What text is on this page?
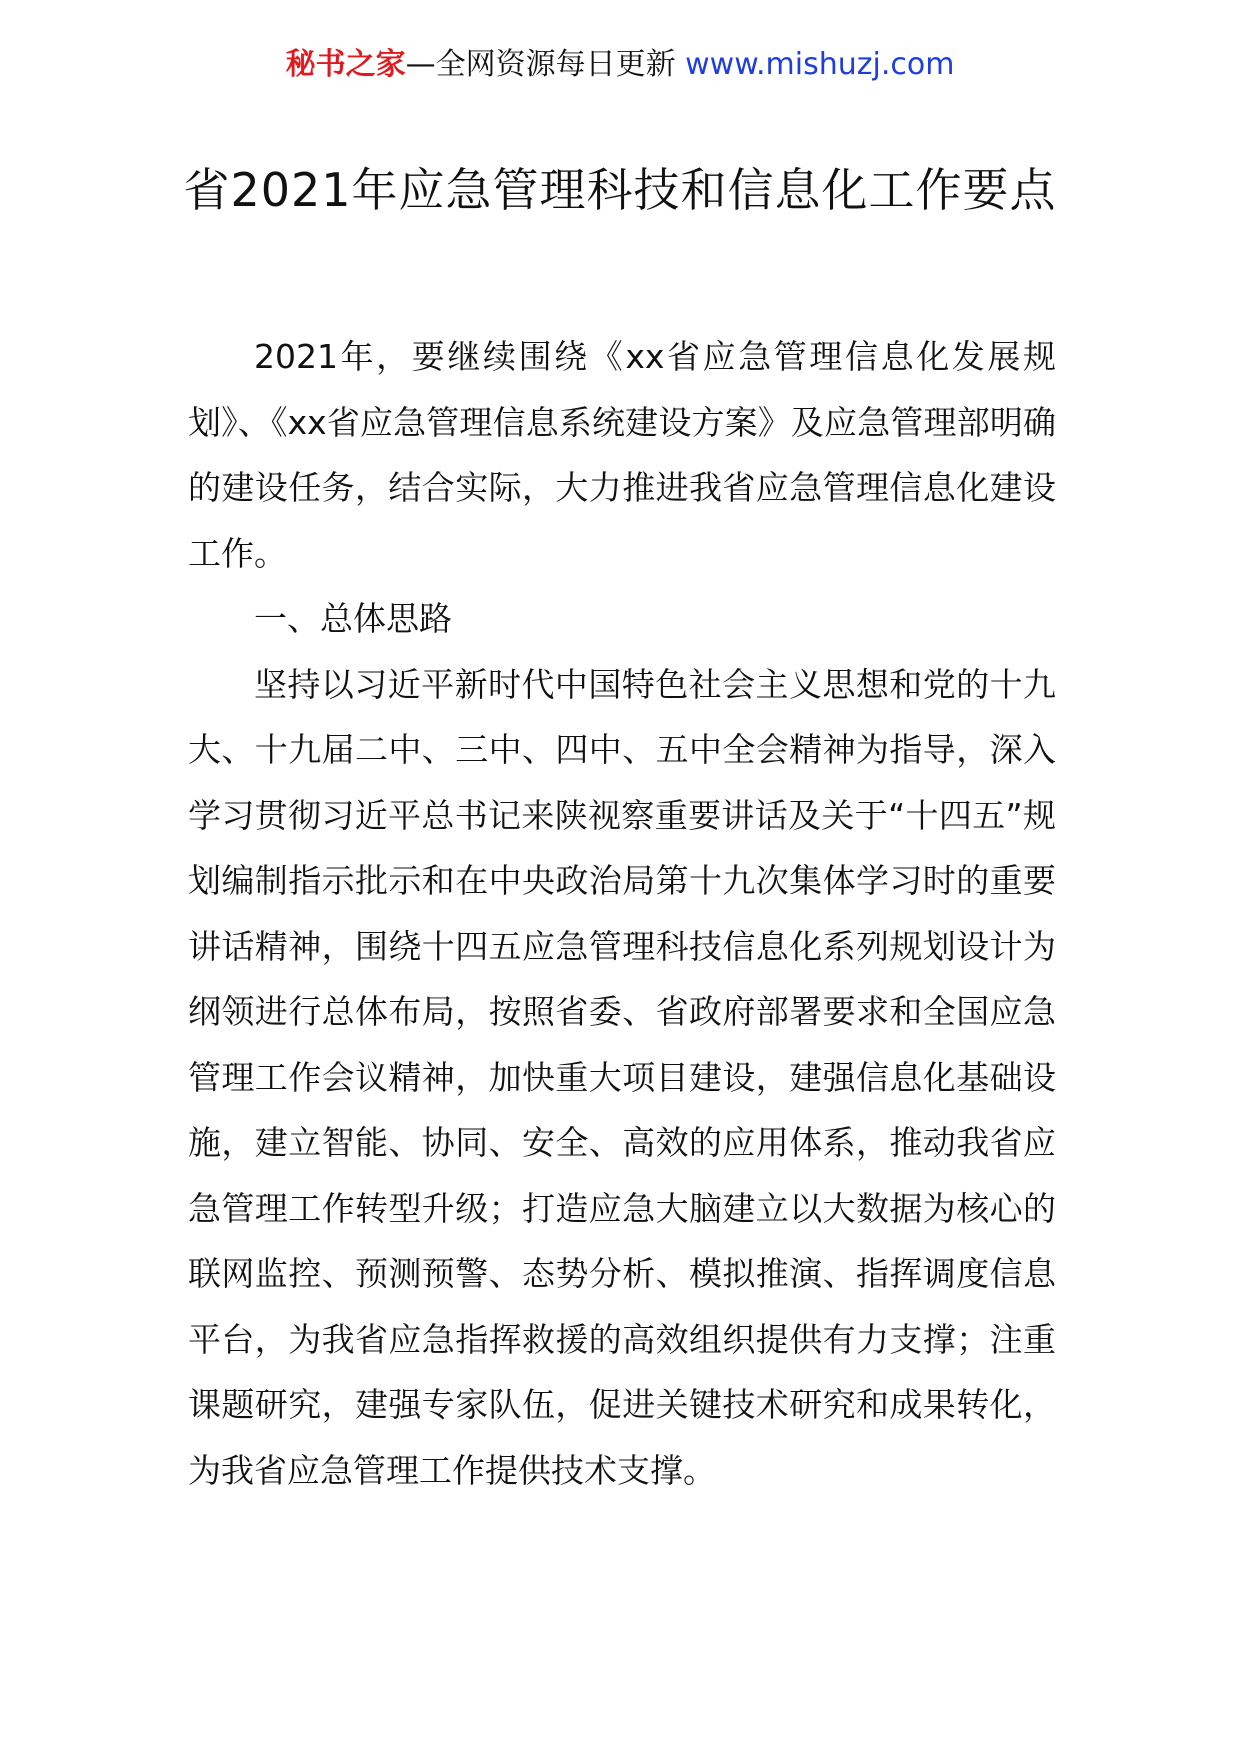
秘书之家—全网资源每日更新 www.mishuzj.com
省2021年应急管理科技和信息化工作要点

2021年，要继续围绕《xx省应急管理信息化发展规划》、《xx省应急管理信息系统建设方案》及应急管理部明确的建设任务，结合实际，大力推进我省应急管理信息化建设工作。

一、总体思路

坚持以习近平新时代中国特色社会主义思想和党的十九大、十九届二中、三中、四中、五中全会精神为指导，深入学习贯彻习近平总书记来陕视察重要讲话及关于“十四五”规划编制指示批示和在中央政治局第十九次集体学习时的重要讲话精神，围绕十四五应急管理科技信息化系列规划设计为纲领进行总体布局，按照省委、省政府部署要求和全国应急管理工作会议精神，加快重大项目建设，建强信息化基础设施，建立智能、协同、安全、高效的应用体系，推动我省应急管理工作转型升级；打造应急大脑建立以大数据为核心的联网监控、预测预警、态势分析、模拟推演、指挥调度信息平台，为我省应急指挥救援的高效组织提供有力支撑；注重课题研究，建强专家队伍，促进关键技术研究和成果转化，为我省应急管理工作提供技术支撑。
